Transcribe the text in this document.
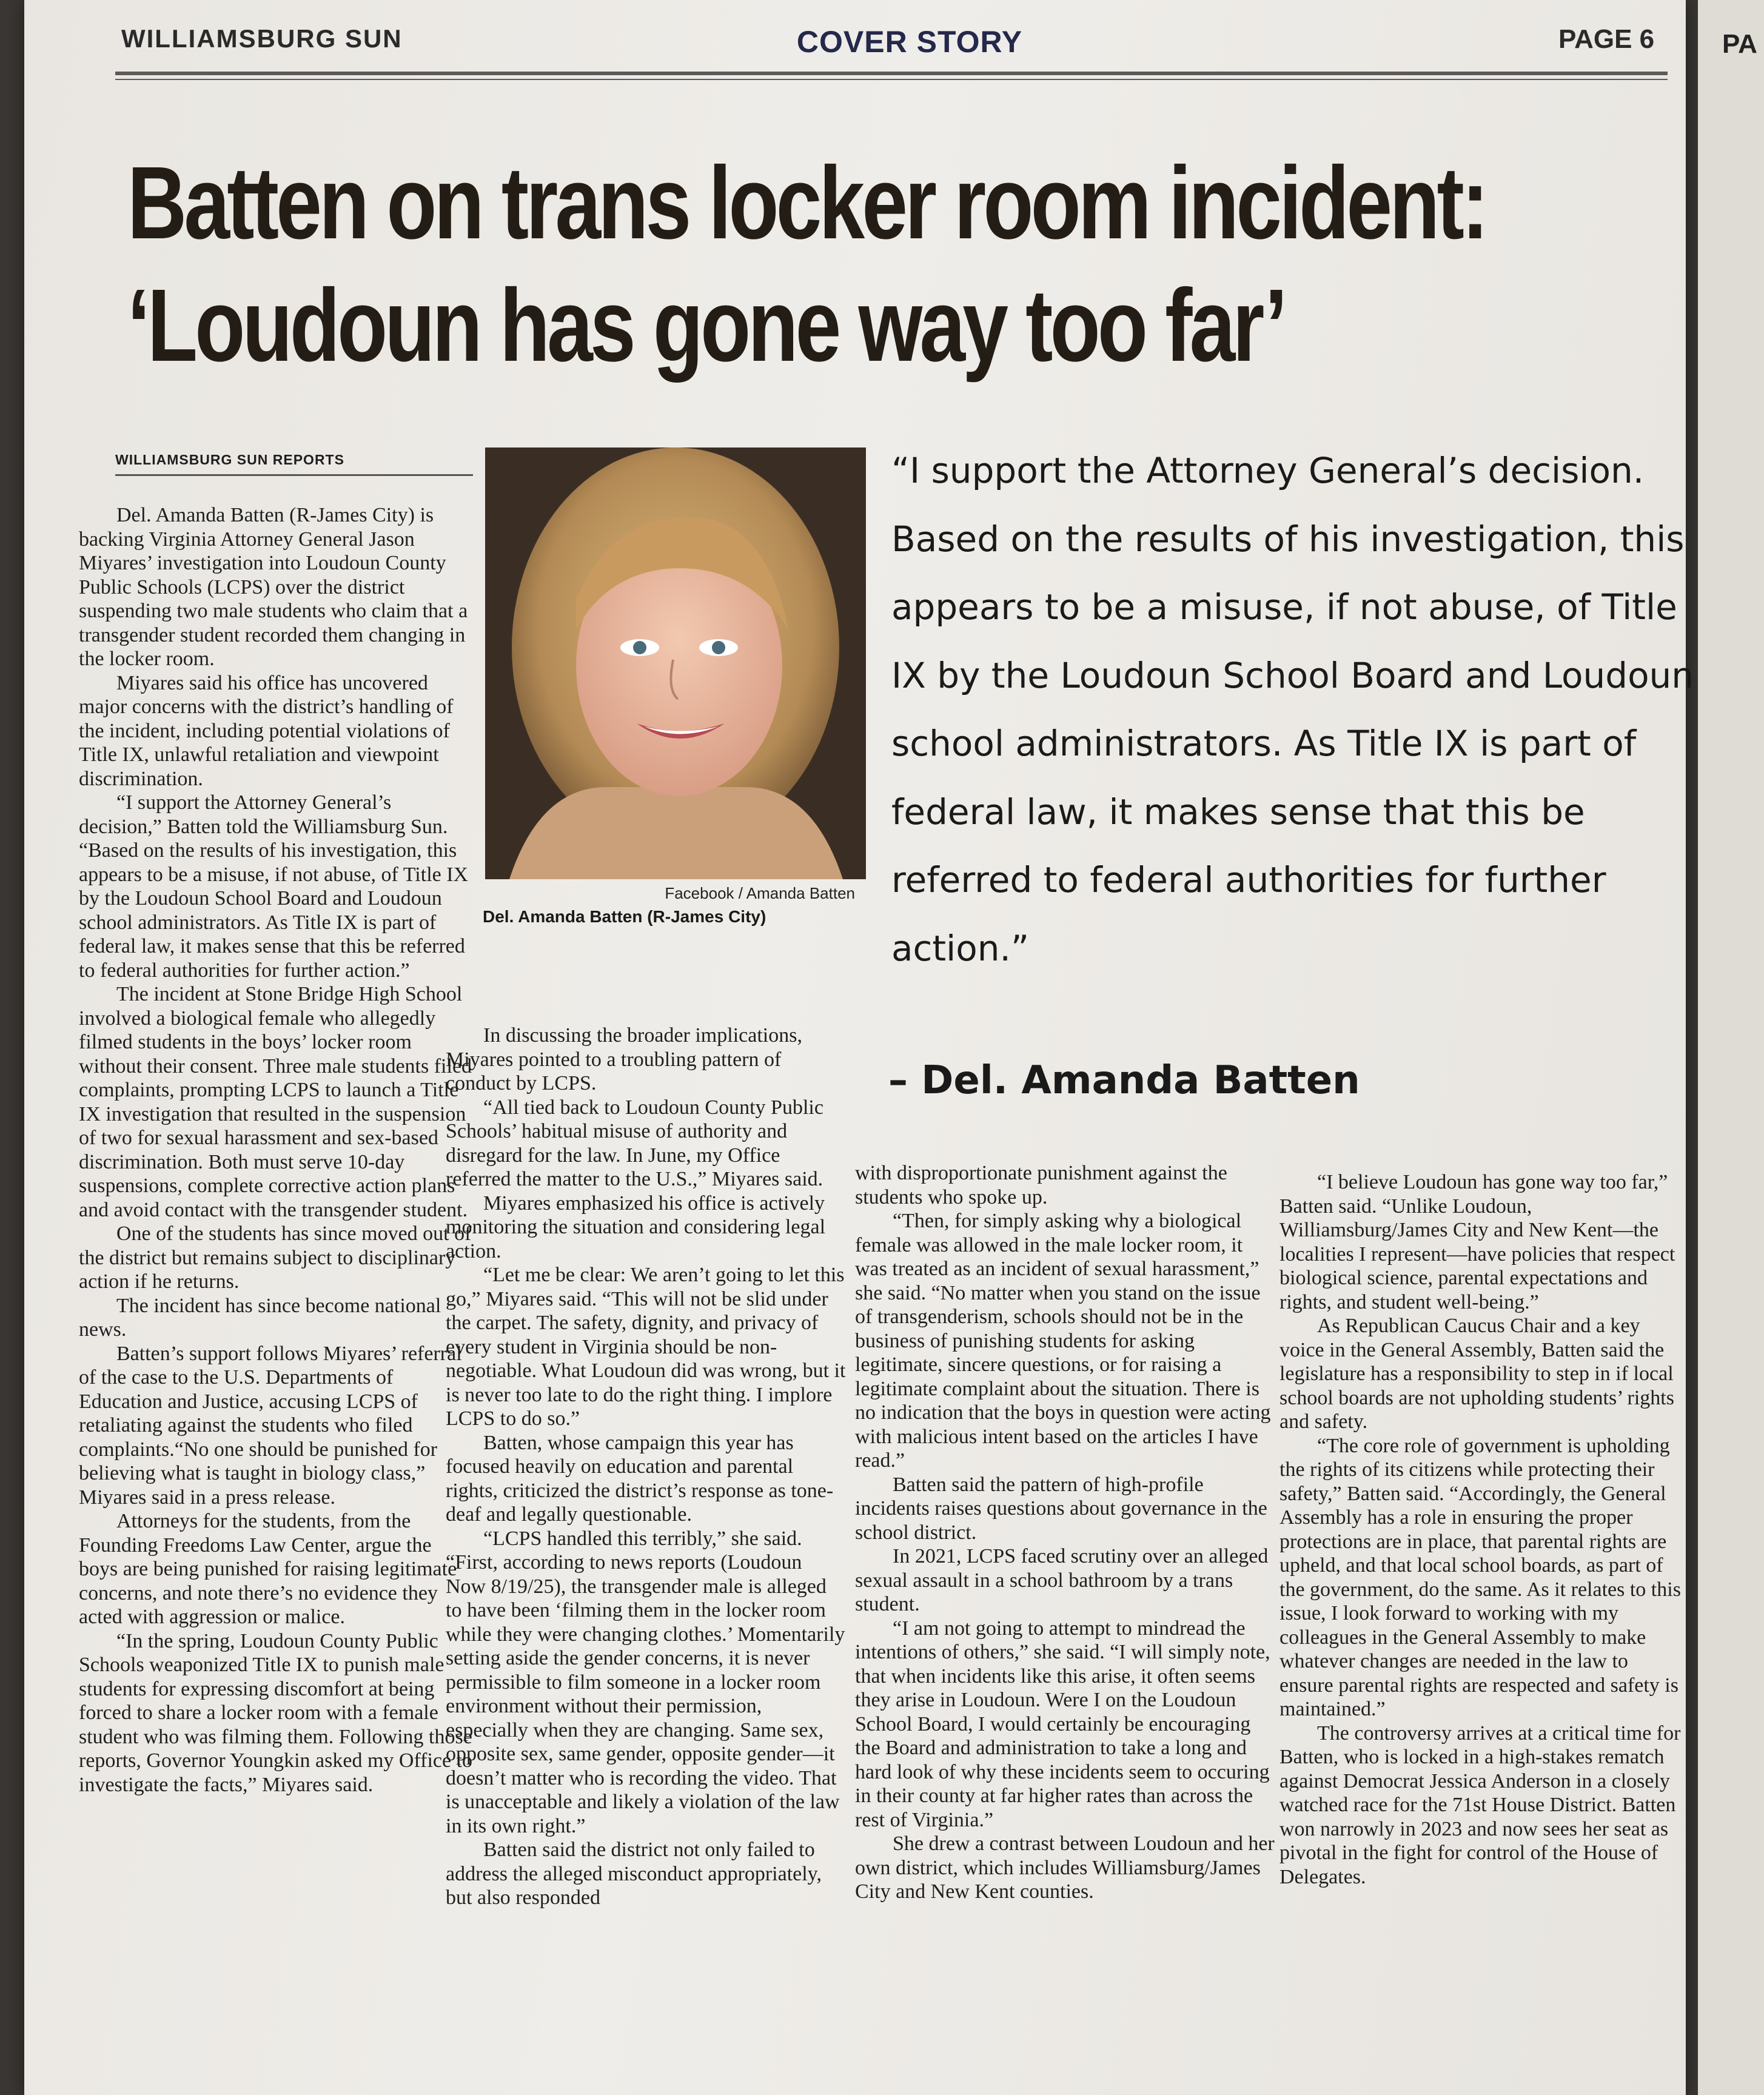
WILLIAMSBURG SUN	COVER STORY	PAGE 6
Batten on trans locker room incident:
‘Loudoun has gone way too far’
WILLIAMSBURG SUN REPORTS

Del. Amanda Batten (R-James City) is backing Virginia Attorney General Jason Miyares’ investigation into Loudoun County Public Schools (LCPS) over the district suspending two male students who claim that a transgender student recorded them changing in the locker room.

Miyares said his office has uncovered major concerns with the district’s handling of the incident, including potential violations of Title IX, unlawful retaliation and viewpoint discrimination.

“I support the Attorney General’s decision,” Batten told the Williamsburg Sun. “Based on the results of his investigation, this appears to be a misuse, if not abuse, of Title IX by the Loudoun School Board and Loudoun school administrators. As Title IX is part of federal law, it makes sense that this be referred to federal authorities for further action.”

The incident at Stone Bridge High School involved a biological female who allegedly filmed students in the boys’ locker room without their consent. Three male students filed complaints, prompting LCPS to launch a Title IX investigation that resulted in the suspension of two for sexual harassment and sex-based discrimination. Both must serve 10-day suspensions, complete corrective action plans and avoid contact with the transgender student.

One of the students has since moved out of the district but remains subject to disciplinary action if he returns.

The incident has since become national news.

Batten’s support follows Miyares’ referral of the case to the U.S. Departments of Education and Justice, accusing LCPS of retaliating against the students who filed complaints.“No one should be punished for believing what is taught in biology class,” Miyares said in a press release.

Attorneys for the students, from the Founding Freedoms Law Center, argue the boys are being punished for raising legitimate concerns, and note there’s no evidence they acted with aggression or malice.

“In the spring, Loudoun County Public Schools weaponized Title IX to punish male students for expressing discomfort at being forced to share a locker room with a female student who was filming them. Following those reports, Governor Youngkin asked my Office to investigate the facts,” Miyares said.

Facebook / Amanda Batten
Del. Amanda Batten (R-James City)
“I support the Attorney General’s decision. Based on the results of his investigation, this appears to be a misuse, if not abuse, of Title IX by the Loudoun School Board and Loudoun school administrators. As Title IX is part of federal law, it makes sense that this be referred to federal authorities for further action.”
– Del. Amanda Batten

In discussing the broader implications, Miyares pointed to a troubling pattern of conduct by LCPS.

“All tied back to Loudoun County Public Schools’ habitual misuse of authority and disregard for the law. In June, my Office referred the matter to the U.S.,” Miyares said.

Miyares emphasized his office is actively monitoring the situation and considering legal action.

“Let me be clear: We aren’t going to let this go,” Miyares said. “This will not be slid under the carpet. The safety, dignity, and privacy of every student in Virginia should be non-negotiable. What Loudoun did was wrong, but it is never too late to do the right thing. I implore LCPS to do so.”

Batten, whose campaign this year has focused heavily on education and parental rights, criticized the district’s response as tone-deaf and legally questionable.

“LCPS handled this terribly,” she said. “First, according to news reports (Loudoun Now 8/19/25), the transgender male is alleged to have been ‘filming them in the locker room while they were changing clothes.’ Momentarily setting aside the gender concerns, it is never permissible to film someone in a locker room environment without their permission, especially when they are changing. Same sex, opposite sex, same gender, opposite gender—it doesn’t matter who is recording the video. That is unacceptable and likely a violation of the law in its own right.”

Batten said the district not only failed to address the alleged misconduct appropriately, but also responded

with disproportionate punishment against the students who spoke up.

“Then, for simply asking why a biological female was allowed in the male locker room, it was treated as an incident of sexual harassment,” she said. “No matter when you stand on the issue of transgenderism, schools should not be in the business of punishing students for asking legitimate, sincere questions, or for raising a legitimate complaint about the situation. There is no indication that the boys in question were acting with malicious intent based on the articles I have read.”

Batten said the pattern of high-profile incidents raises questions about governance in the school district.

In 2021, LCPS faced scrutiny over an alleged sexual assault in a school bathroom by a trans student.

“I am not going to attempt to mindread the intentions of others,” she said. “I will simply note, that when incidents like this arise, it often seems they arise in Loudoun. Were I on the Loudoun School Board, I would certainly be encouraging the Board and administration to take a long and hard look of why these incidents seem to occuring in their county at far higher rates than across the rest of Virginia.”

She drew a contrast between Loudoun and her own district, which includes Williamsburg/James City and New Kent counties.

“I believe Loudoun has gone way too far,” Batten said. “Unlike Loudoun, Williamsburg/James City and New Kent—the localities I represent—have policies that respect biological science, parental expectations and rights, and student well-being.”

As Republican Caucus Chair and a key voice in the General Assembly, Batten said the legislature has a responsibility to step in if local school boards are not upholding students’ rights and safety.

“The core role of government is upholding the rights of its citizens while protecting their safety,” Batten said. “Accordingly, the General Assembly has a role in ensuring the proper protections are in place, that parental rights are upheld, and that local school boards, as part of the government, do the same. As it relates to this issue, I look forward to working with my colleagues in the General Assembly to make whatever changes are needed in the law to ensure parental rights are respected and safety is maintained.”

The controversy arrives at a critical time for Batten, who is locked in a high-stakes rematch against Democrat Jessica Anderson in a closely watched race for the 71st House District. Batten won narrowly in 2023 and now sees her seat as pivotal in the fight for control of the House of Delegates.

PA
